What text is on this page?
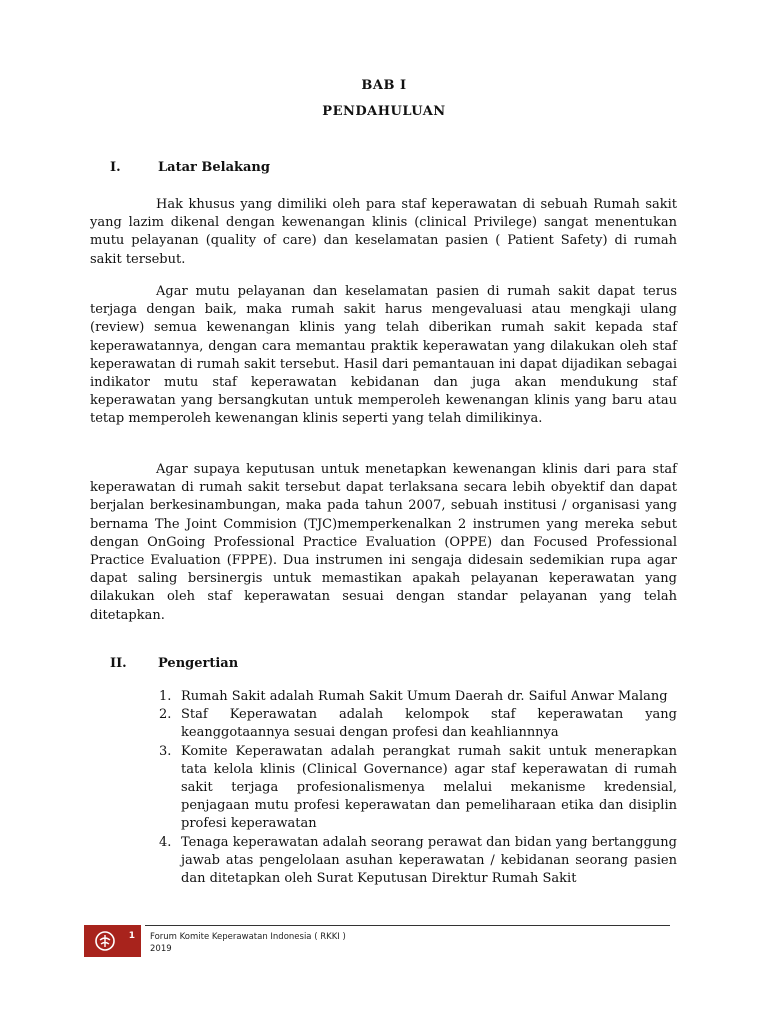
BAB I
PENDAHULUAN
I.	Latar Belakang

Hak khusus yang dimiliki oleh para staf keperawatan di sebuah Rumah sakit yang lazim dikenal dengan kewenangan klinis (clinical Privilege) sangat menentukan mutu pelayanan (quality of care) dan keselamatan pasien ( Patient Safety) di rumah sakit tersebut.

Agar mutu pelayanan dan keselamatan pasien di rumah sakit dapat terus terjaga dengan baik, maka rumah sakit harus mengevaluasi atau mengkaji ulang (review) semua kewenangan klinis yang telah diberikan rumah sakit kepada staf keperawatannya, dengan cara memantau praktik keperawatan yang dilakukan oleh staf keperawatan di rumah sakit tersebut. Hasil dari pemantauan ini dapat dijadikan sebagai indikator mutu staf keperawatan kebidanan dan juga akan mendukung staf keperawatan yang bersangkutan untuk memperoleh kewenangan klinis yang baru atau tetap memperoleh kewenangan klinis seperti yang telah dimilikinya.

Agar supaya keputusan untuk menetapkan kewenangan klinis dari para staf keperawatan di rumah sakit tersebut dapat terlaksana secara lebih obyektif dan dapat berjalan berkesinambungan, maka pada tahun 2007, sebuah institusi / organisasi yang bernama The Joint Commision (TJC)memperkenalkan 2 instrumen yang mereka sebut dengan OnGoing Professional Practice Evaluation (OPPE) dan Focused Professional Practice Evaluation (FPPE). Dua instrumen ini sengaja didesain sedemikian rupa agar dapat saling bersinergis untuk memastikan apakah pelayanan keperawatan yang dilakukan oleh staf keperawatan sesuai dengan standar pelayanan yang telah ditetapkan.

II. Pengertian
1. Rumah Sakit adalah Rumah Sakit Umum Daerah dr. Saiful Anwar Malang
2. Staf Keperawatan adalah kelompok staf keperawatan yang keanggotaannya sesuai dengan profesi dan keahliannnya
3. Komite Keperawatan adalah perangkat rumah sakit untuk menerapkan tata kelola klinis (Clinical Governance) agar staf keperawatan di rumah sakit terjaga profesionalismenya melalui mekanisme kredensial, penjagaan mutu profesi keperawatan dan pemeliharaan etika dan disiplin profesi keperawatan
4. Tenaga keperawatan adalah seorang perawat dan bidan yang bertanggung jawab atas pengelolaan asuhan keperawatan / kebidanan seorang pasien dan ditetapkan oleh Surat Keputusan Direktur Rumah Sakit
1 Forum Komite Keperawatan Indonesia ( RKKI )
2019
